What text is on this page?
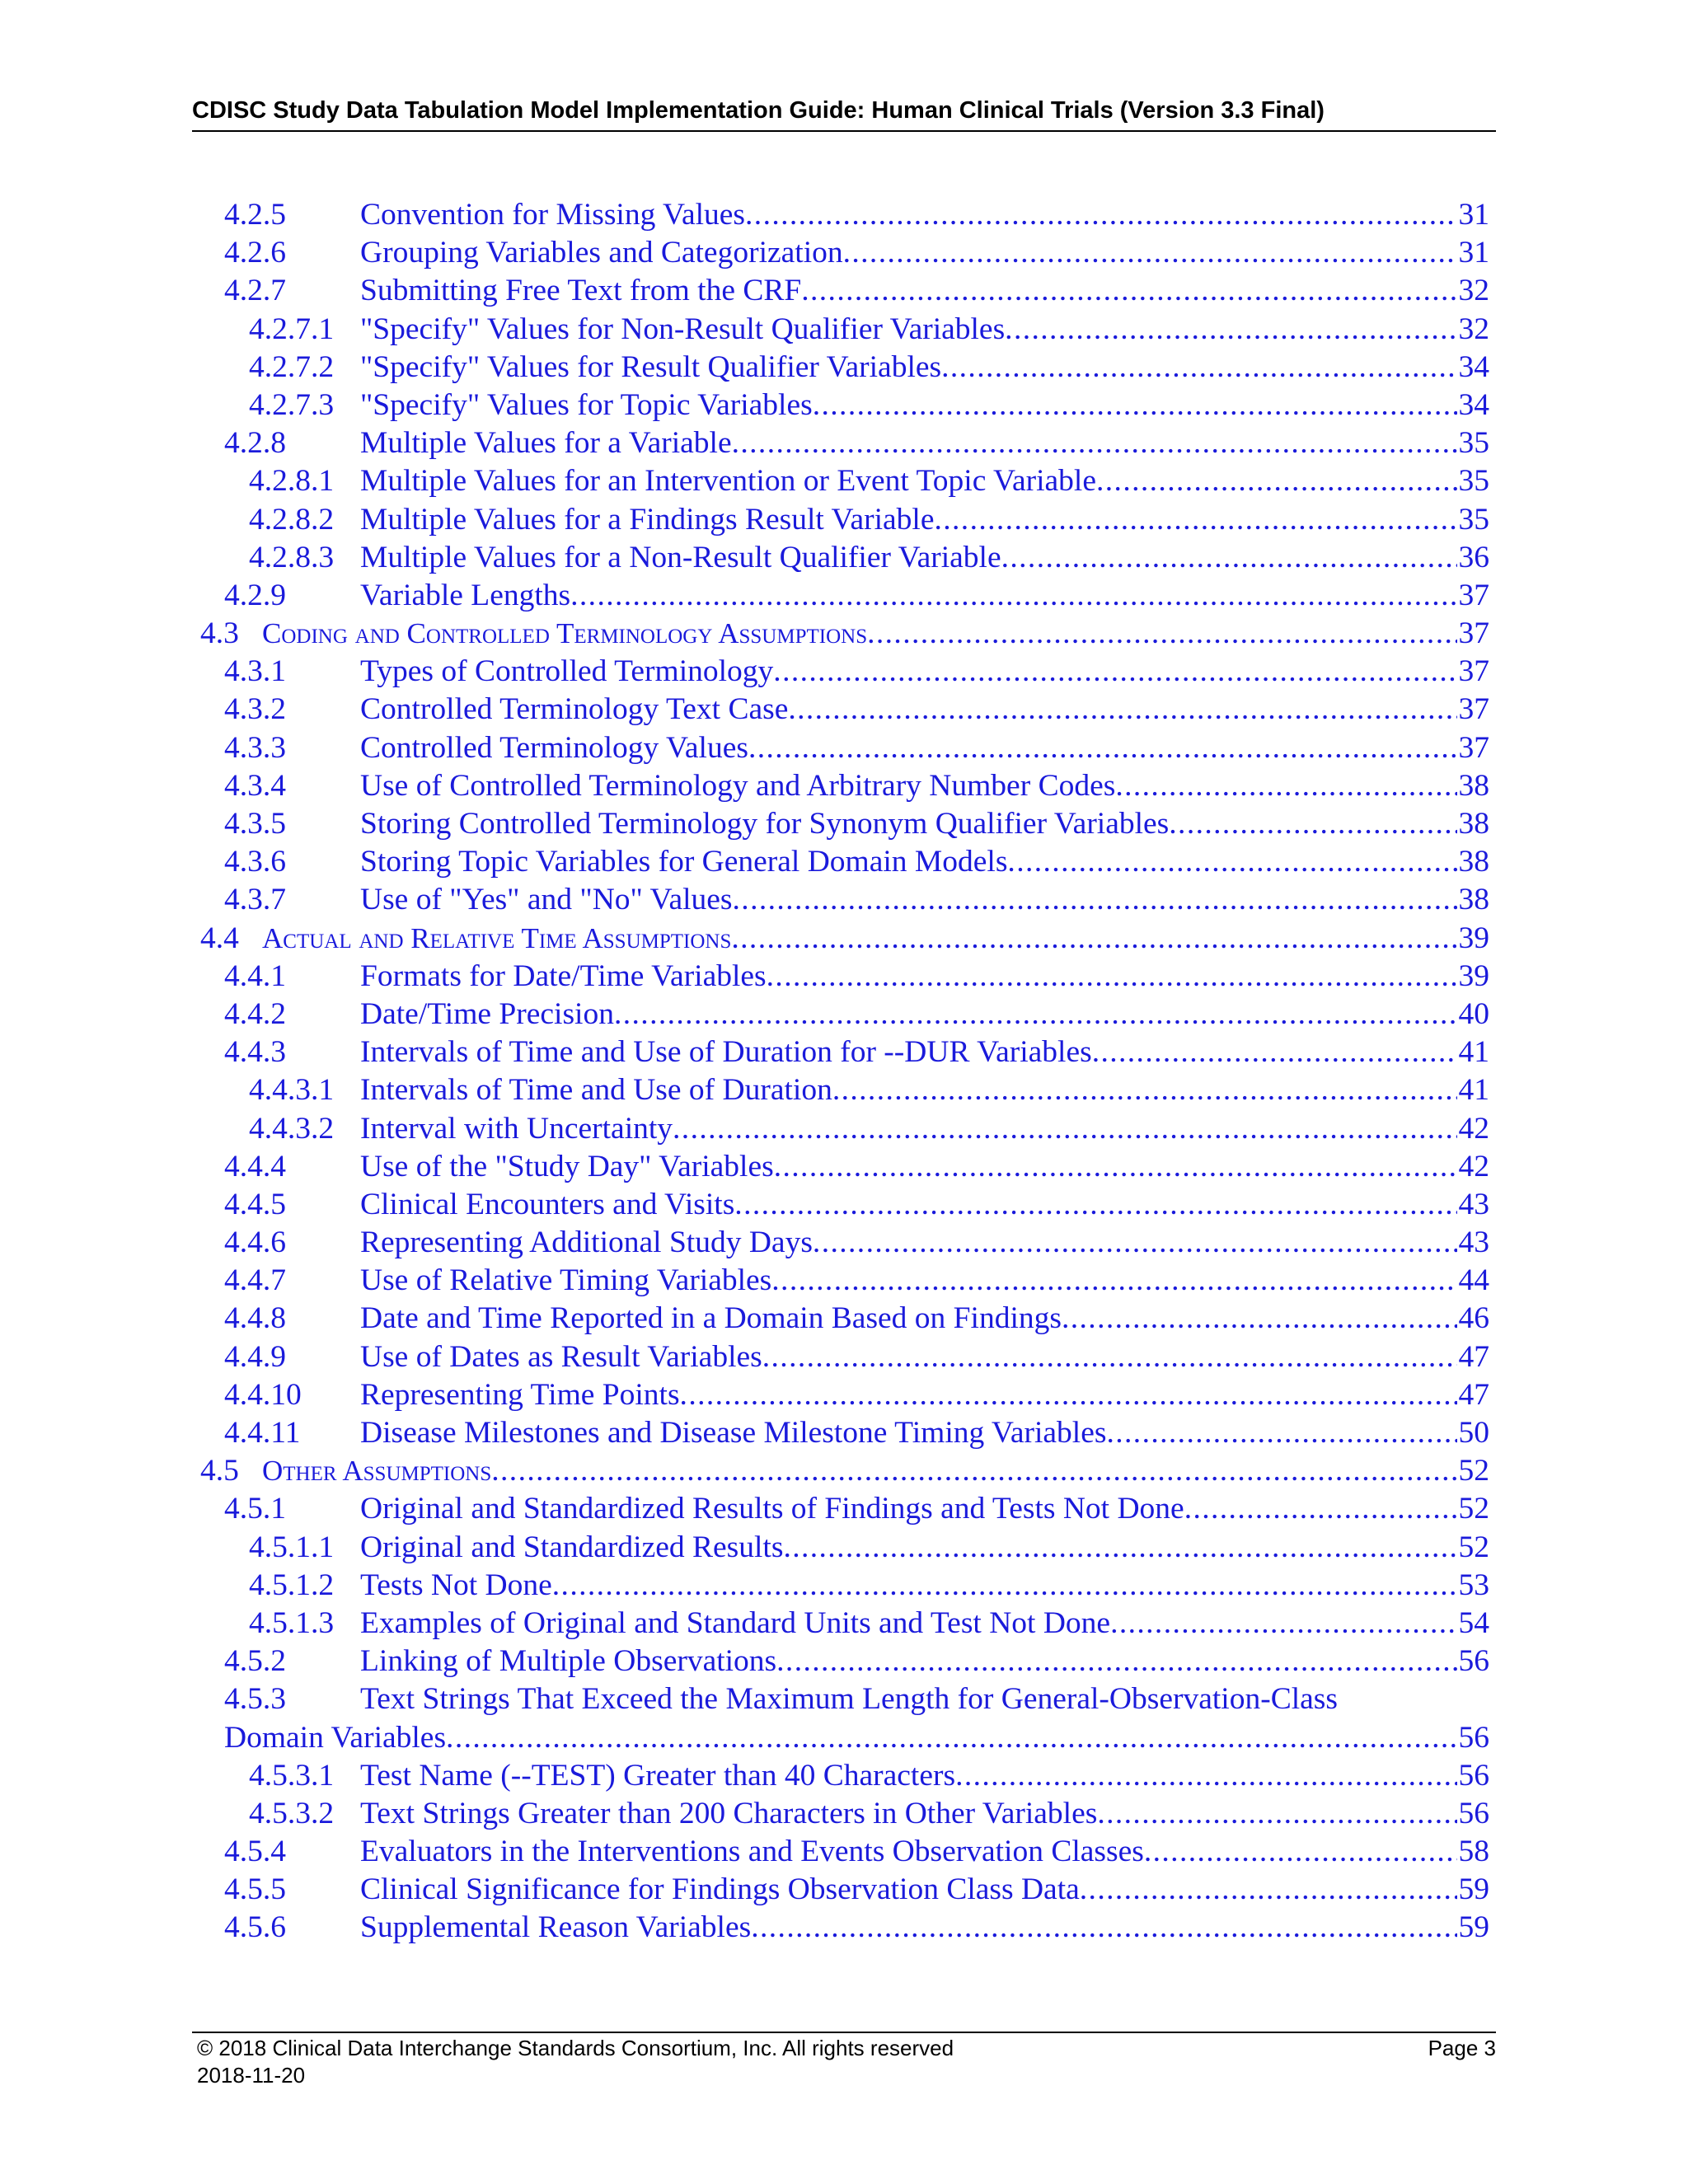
CDISC Study Data Tabulation Model Implementation Guide: Human Clinical Trials (Version 3.3 Final)
4.2.5 Convention for Missing Values .....	31
4.2.6 Grouping Variables and Categorization .....	31
4.2.7 Submitting Free Text from the CRF .....	32
4.2.7.1 "Specify" Values for Non-Result Qualifier Variables .....	32
4.2.7.2 "Specify" Values for Result Qualifier Variables .....	34
4.2.7.3 "Specify" Values for Topic Variables .....	34
4.2.8 Multiple Values for a Variable .....	35
4.2.8.1 Multiple Values for an Intervention or Event Topic Variable .....	35
4.2.8.2 Multiple Values for a Findings Result Variable .....	35
4.2.8.3 Multiple Values for a Non-Result Qualifier Variable .....	36
4.2.9 Variable Lengths .....	37
4.3 Coding and Controlled Terminology Assumptions .....	37
4.3.1 Types of Controlled Terminology .....	37
4.3.2 Controlled Terminology Text Case .....	37
4.3.3 Controlled Terminology Values .....	37
4.3.4 Use of Controlled Terminology and Arbitrary Number Codes .....	38
4.3.5 Storing Controlled Terminology for Synonym Qualifier Variables .....	38
4.3.6 Storing Topic Variables for General Domain Models .....	38
4.3.7 Use of "Yes" and "No" Values .....	38
4.4 Actual and Relative Time Assumptions .....	39
4.4.1 Formats for Date/Time Variables .....	39
4.4.2 Date/Time Precision .....	40
4.4.3 Intervals of Time and Use of Duration for --DUR Variables .....	41
4.4.3.1 Intervals of Time and Use of Duration .....	41
4.4.3.2 Interval with Uncertainty .....	42
4.4.4 Use of the "Study Day" Variables .....	42
4.4.5 Clinical Encounters and Visits .....	43
4.4.6 Representing Additional Study Days .....	43
4.4.7 Use of Relative Timing Variables .....	44
4.4.8 Date and Time Reported in a Domain Based on Findings .....	46
4.4.9 Use of Dates as Result Variables .....	47
4.4.10 Representing Time Points .....	47
4.4.11 Disease Milestones and Disease Milestone Timing Variables .....	50
4.5 Other Assumptions .....	52
4.5.1 Original and Standardized Results of Findings and Tests Not Done .....	52
4.5.1.1 Original and Standardized Results .....	52
4.5.1.2 Tests Not Done .....	53
4.5.1.3 Examples of Original and Standard Units and Test Not Done .....	54
4.5.2 Linking of Multiple Observations .....	56
4.5.3 Text Strings That Exceed the Maximum Length for General-Observation-Class
Domain Variables .....	56
4.5.3.1 Test Name (--TEST) Greater than 40 Characters .....	56
4.5.3.2 Text Strings Greater than 200 Characters in Other Variables .....	56
4.5.4 Evaluators in the Interventions and Events Observation Classes .....	58
4.5.5 Clinical Significance for Findings Observation Class Data .....	59
4.5.6 Supplemental Reason Variables .....	59
© 2018 Clinical Data Interchange Standards Consortium, Inc. All rights reserved
2018-11-20
Page 3
